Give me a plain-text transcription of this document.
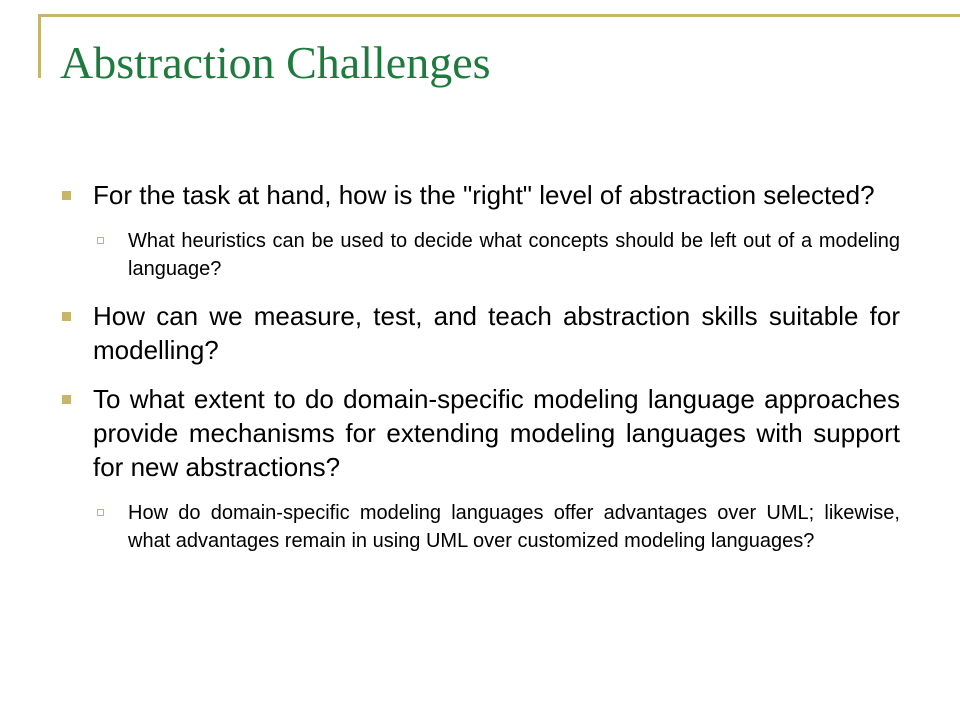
Abstraction Challenges

For the task at hand, how is the "right" level of abstraction selected?

What heuristics can be used to decide what concepts should be left out of a modeling language?

How can we measure, test, and teach abstraction skills suitable for modelling?

To what extent to do domain-specific modeling language approaches provide mechanisms for extending modeling languages with support for new abstractions?

How do domain-specific modeling languages offer advantages over UML; likewise, what advantages remain in using UML over customized modeling languages?
